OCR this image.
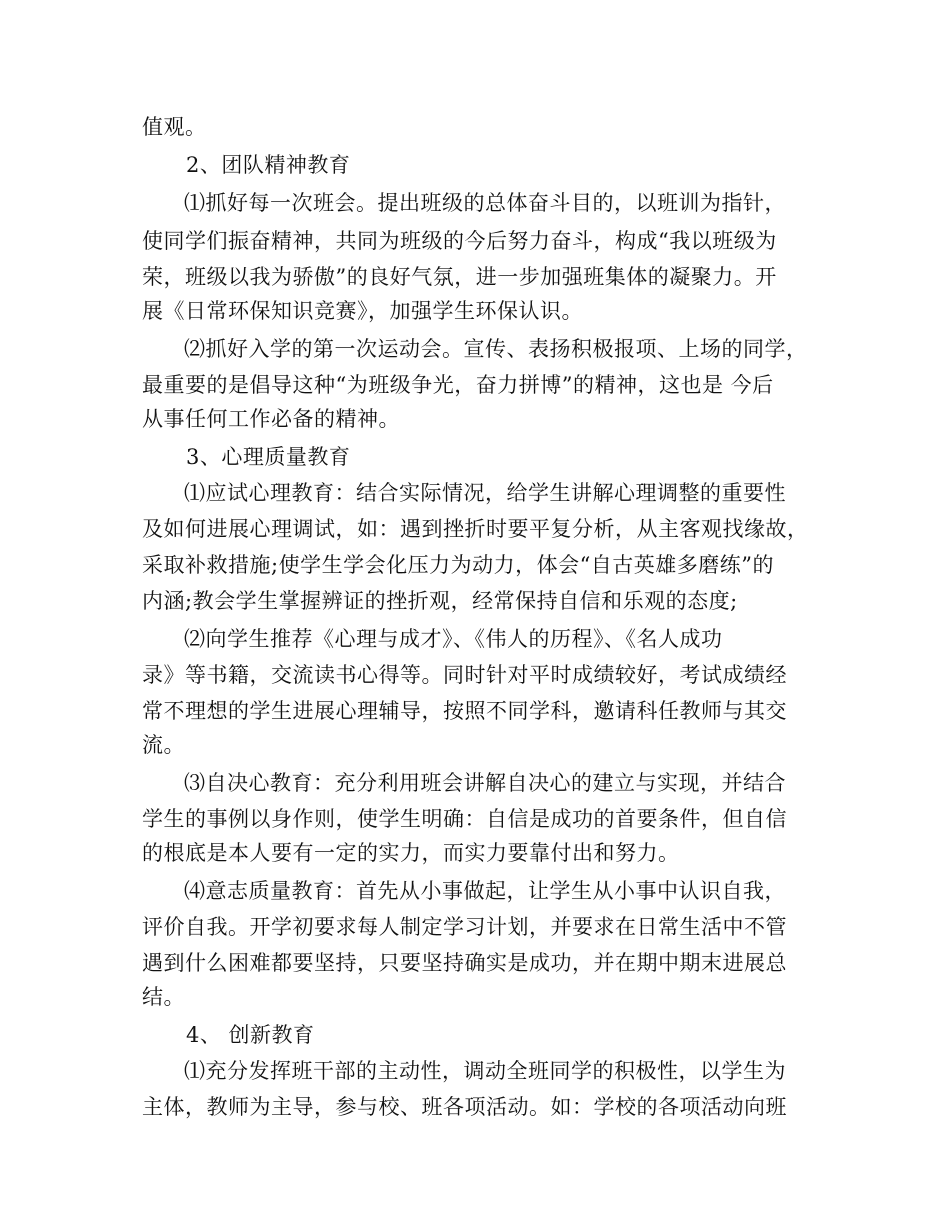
值观。
2、团队精神教育
⑴抓好每一次班会。提出班级的总体奋斗目的，以班训为指针，
使同学们振奋精神，共同为班级的今后努力奋斗，构成“我以班级为
荣，班级以我为骄傲”的良好气氛，进一步加强班集体的凝聚力。开
展《日常环保知识竞赛》，加强学生环保认识。
⑵抓好入学的第一次运动会。宣传、表扬积极报项、上场的同学，
最重要的是倡导这种“为班级争光，奋力拼博”的精神，这也是 今后
从事任何工作必备的精神。
3、心理质量教育
⑴应试心理教育：结合实际情况，给学生讲解心理调整的重要性
及如何进展心理调试，如：遇到挫折时要平复分析，从主客观找缘故，
采取补救措施;使学生学会化压力为动力，体会“自古英雄多磨练”的
内涵;教会学生掌握辨证的挫折观，经常保持自信和乐观的态度;
⑵向学生推荐《心理与成才》、《伟人的历程》、《名人成功
录》等书籍，交流读书心得等。同时针对平时成绩较好，考试成绩经
常不理想的学生进展心理辅导，按照不同学科，邀请科任教师与其交
流。
⑶自决心教育：充分利用班会讲解自决心的建立与实现，并结合
学生的事例以身作则，使学生明确：自信是成功的首要条件，但自信
的根底是本人要有一定的实力，而实力要靠付出和努力。
⑷意志质量教育：首先从小事做起，让学生从小事中认识自我，
评价自我。开学初要求每人制定学习计划，并要求在日常生活中不管
遇到什么困难都要坚持，只要坚持确实是成功，并在期中期末进展总
结。
4、 创新教育
⑴充分发挥班干部的主动性，调动全班同学的积极性，以学生为
主体，教师为主导，参与校、班各项活动。如：学校的各项活动向班
